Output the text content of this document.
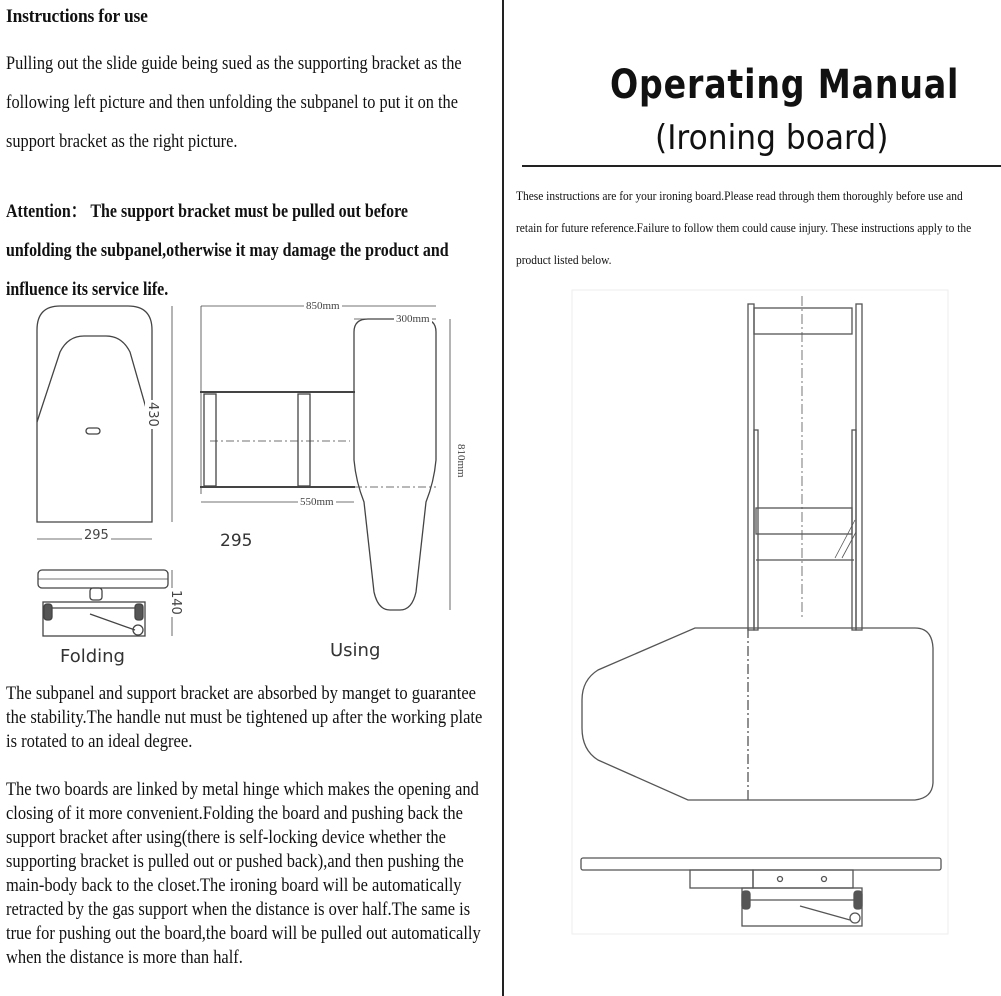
Instructions for use
Pulling out the slide guide being sued as the supporting bracket as the following left picture and then unfolding the subpanel to put it on the support bracket as the right picture.
Attention： The support bracket must be pulled out before unfolding the subpanel,otherwise it may damage the product and influence its service life.
295
295
430
140
850mm
300mm
550mm
810mm
Folding	Using
The subpanel and support bracket are absorbed by manget to guarantee the stability.The handle nut must be tightened up after the working plate is rotated to an ideal degree.
The two boards are linked by metal hinge which makes the opening and closing of it more convenient.Folding the board and pushing back the support bracket after using(there is self-locking device whether the supporting bracket is pulled out or pushed back),and then pushing the main-body back to the closet.The ironing board will be automatically retracted by the gas support when the distance is over half.The same is true for pushing out the board,the board will be pulled out automatically when the distance is more than half.
Operating Manual
(Ironing board)
These instructions are for your ironing board.Please read through them thoroughly before use and retain for future reference.Failure to follow them could cause injury. These instructions apply to the product listed below.
